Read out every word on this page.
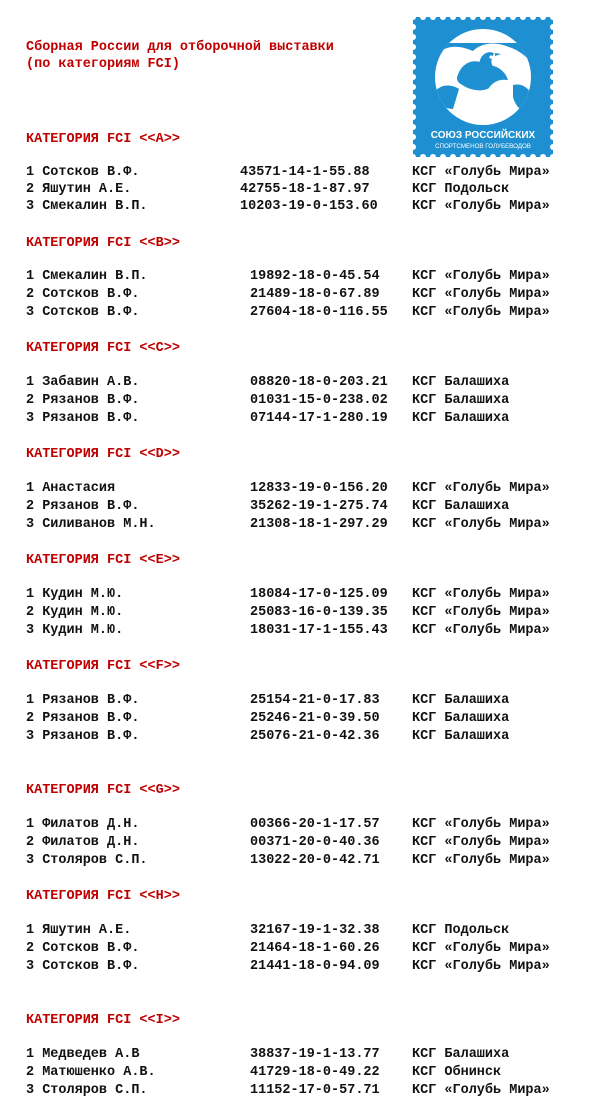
Сборная России для отборочной выставки
(по категориям FCI)
СОЮЗ РОССИЙСКИХ
СПОРТСМЕНОВ ГОЛУБЕВОДОВ
КАТЕГОРИЯ FCI <<A>>
1 Сотсков В.Ф.	43571-14-1-55.88	КСГ «Голубь Мира»
2 Яшутин А.Е.	42755-18-1-87.97	КСГ Подольск
3 Смекалин В.П.	10203-19-0-153.60	КСГ «Голубь Мира»
КАТЕГОРИЯ FCI <<B>>
1 Смекалин В.П.	19892-18-0-45.54 КСГ «Голубь Мира»
2 Сотсков В.Ф.	21489-18-0-67.89 КСГ «Голубь Мира»
3 Сотсков В.Ф.	27604-18-0-116.55 КСГ «Голубь Мира»
КАТЕГОРИЯ FCI <<C>>
1 Забавин А.В.	08820-18-0-203.21 КСГ Балашиха
2 Рязанов В.Ф.	01031-15-0-238.02 КСГ Балашиха
3 Рязанов В.Ф.	07144-17-1-280.19 КСГ Балашиха
КАТЕГОРИЯ FCI <<D>>
1 Анастасия	12833-19-0-156.20 КСГ «Голубь Мира»
2 Рязанов В.Ф.	35262-19-1-275.74 КСГ Балашиха
3 Силиванов М.Н.	21308-18-1-297.29 КСГ «Голубь Мира»
КАТЕГОРИЯ FCI <<E>>
1 Кудин М.Ю.	18084-17-0-125.09 КСГ «Голубь Мира»
2 Кудин М.Ю.	25083-16-0-139.35 КСГ «Голубь Мира»
3 Кудин М.Ю.	18031-17-1-155.43 КСГ «Голубь Мира»
КАТЕГОРИЯ FCI <<F>>
1 Рязанов В.Ф.	25154-21-0-17.83 КСГ Балашиха
2 Рязанов В.Ф.	25246-21-0-39.50 КСГ Балашиха
3 Рязанов В.Ф.	25076-21-0-42.36 КСГ Балашиха
КАТЕГОРИЯ FCI <<G>>
1 Филатов Д.Н.	00366-20-1-17.57 КСГ «Голубь Мира»
2 Филатов Д.Н.	00371-20-0-40.36 КСГ «Голубь Мира»
3 Столяров С.П.	13022-20-0-42.71 КСГ «Голубь Мира»
КАТЕГОРИЯ FCI <<H>>
1 Яшутин А.Е.	32167-19-1-32.38 КСГ Подольск
2 Сотсков В.Ф.	21464-18-1-60.26 КСГ «Голубь Мира»
3 Сотсков В.Ф.	21441-18-0-94.09 КСГ «Голубь Мира»
КАТЕГОРИЯ FCI <<I>>
1 Медведев А.В	38837-19-1-13.77 КСГ Балашиха
2 Матюшенко А.В.	41729-18-0-49.22 КСГ Обнинск
3 Столяров С.П.	11152-17-0-57.71 КСГ «Голубь Мира»
